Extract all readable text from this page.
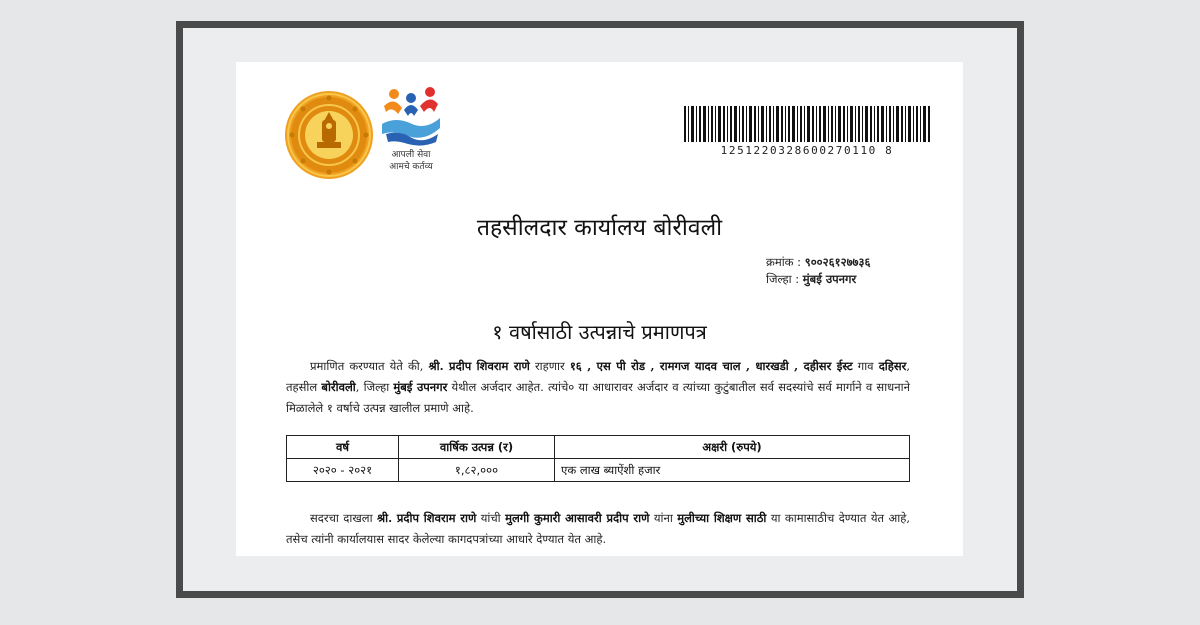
आपली सेवा
आमचे कर्तव्य
1251220328600270110 8
तहसीलदार कार्यालय बोरीवली
क्रमांक : ९००२६१२७७३६
जिल्हा : मुंबई उपनगर
१ वर्षासाठी उत्पन्नाचे प्रमाणपत्र
प्रमाणित करण्यात येते की, श्री. प्रदीप शिवराम राणे राहणार १६ , एस पी रोड , रामगज यादव चाल , धारखडी , दहीसर ईस्ट गाव दहिसर, तहसील बोरीवली, जिल्हा मुंबई उपनगर येथील अर्जदार आहेत. त्यांचे० या आधारावर अर्जदार व त्यांच्या कुटुंबातील सर्व सदस्यांचे सर्व मार्गाने व साधनाने मिळालेले १ वर्षाचे उत्पन्न खालील प्रमाणे आहे.
वर्ष	वार्षिक उत्पन्न (र)	अक्षरी (रुपये)
२०२० - २०२१	१,८२,०००	एक लाख ब्याऐंशी हजार
सदरचा दाखला श्री. प्रदीप शिवराम राणे यांची मुलगी कुमारी आसावरी प्रदीप राणे यांना मुलीच्या शिक्षण साठी या कामासाठीच देण्यात येत आहे, तसेच त्यांनी कार्यालयास सादर केलेल्या कागदपत्रांच्या आधारे देण्यात येत आहे.
